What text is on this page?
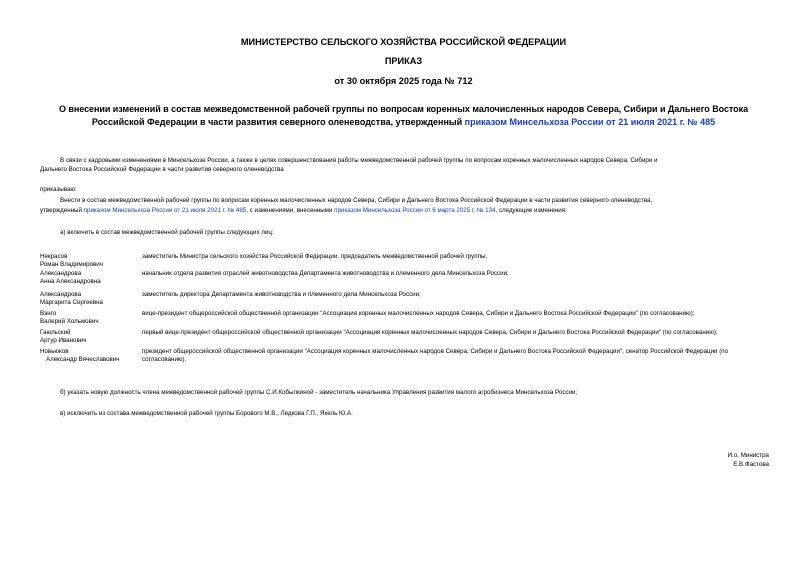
МИНИСТЕРСТВО СЕЛЬСКОГО ХОЗЯЙСТВА РОССИЙСКОЙ ФЕДЕРАЦИИ
ПРИКАЗ
от 30 октября 2025 года № 712
О внесении изменений в состав межведомственной рабочей группы по вопросам коренных малочисленных народов Севера, Сибири и Дальнего Востока
Российской Федерации в части развития северного оленеводства, утвержденный приказом Минсельхоза России от 21 июля 2021 г. № 485
В связи с кадровыми изменениями в Минсельхозе России, а также в целях совершенствования работы межведомственной рабочей группы по вопросам коренных малочисленных народов Севера, Сибири и
Дальнего Востока Российской Федерации в части развития северного оленеводства
приказываю:
Внести в состав межведомственной рабочей группы по вопросам коренных малочисленных народов Севера, Сибири и Дальнего Востока Российской Федерации в части развития северного оленеводства,
утвержденный приказом Минсельхоза России от 21 июля 2021 г. № 485, с изменениями, внесенными приказом Минсельхоза России от 6 марта 2025 г. № 134, следующие изменения:
а) включить в состав межведомственной рабочей группы следующих лиц:
Некрасов
Роман Владимирович
заместитель Министра сельского хозяйства Российской Федерации, председатель межведомственной рабочей группы;
Александрова
Анна Александровна
начальник отдела развития отраслей животноводства Департамента животноводства и племенного дела Минсельхоза России;
Александрова
Маргарита Сергеевна
заместитель директора Департамента животноводства и племенного дела Минсельхоза России;
Вэнго
Валерий Хольмович
вице-президент общероссийской общественной организации "Ассоциация коренных малочисленных народов Севера, Сибири и Дальнего Востока Российской Федерации" (по согласованию);
Гаюльский
Артур Иванович
первый вице-президент общероссийской общественной организации "Ассоциация коренных малочисленных народов Севера, Сибири и Дальнего Востока Российской Федерации" (по согласованию);
Новьюков
Александр Вячеславович
президент общероссийской общественной организации "Ассоциация коренных малочисленных народов Севера, Сибири и Дальнего Востока Российской Федерации", сенатор Российской Федерации (по согласованию).
б) указать новую должность члена межведомственной рабочей группы С.И.Кобылкиной - заместитель начальника Управления развития малого агробизнеса Минсельхоза России;
в) исключить из состава межведомственной рабочей группы Борового М.В., Ледкова Г.П., Якель Ю.А.
И.о. Министра
Е.В.Фастова
